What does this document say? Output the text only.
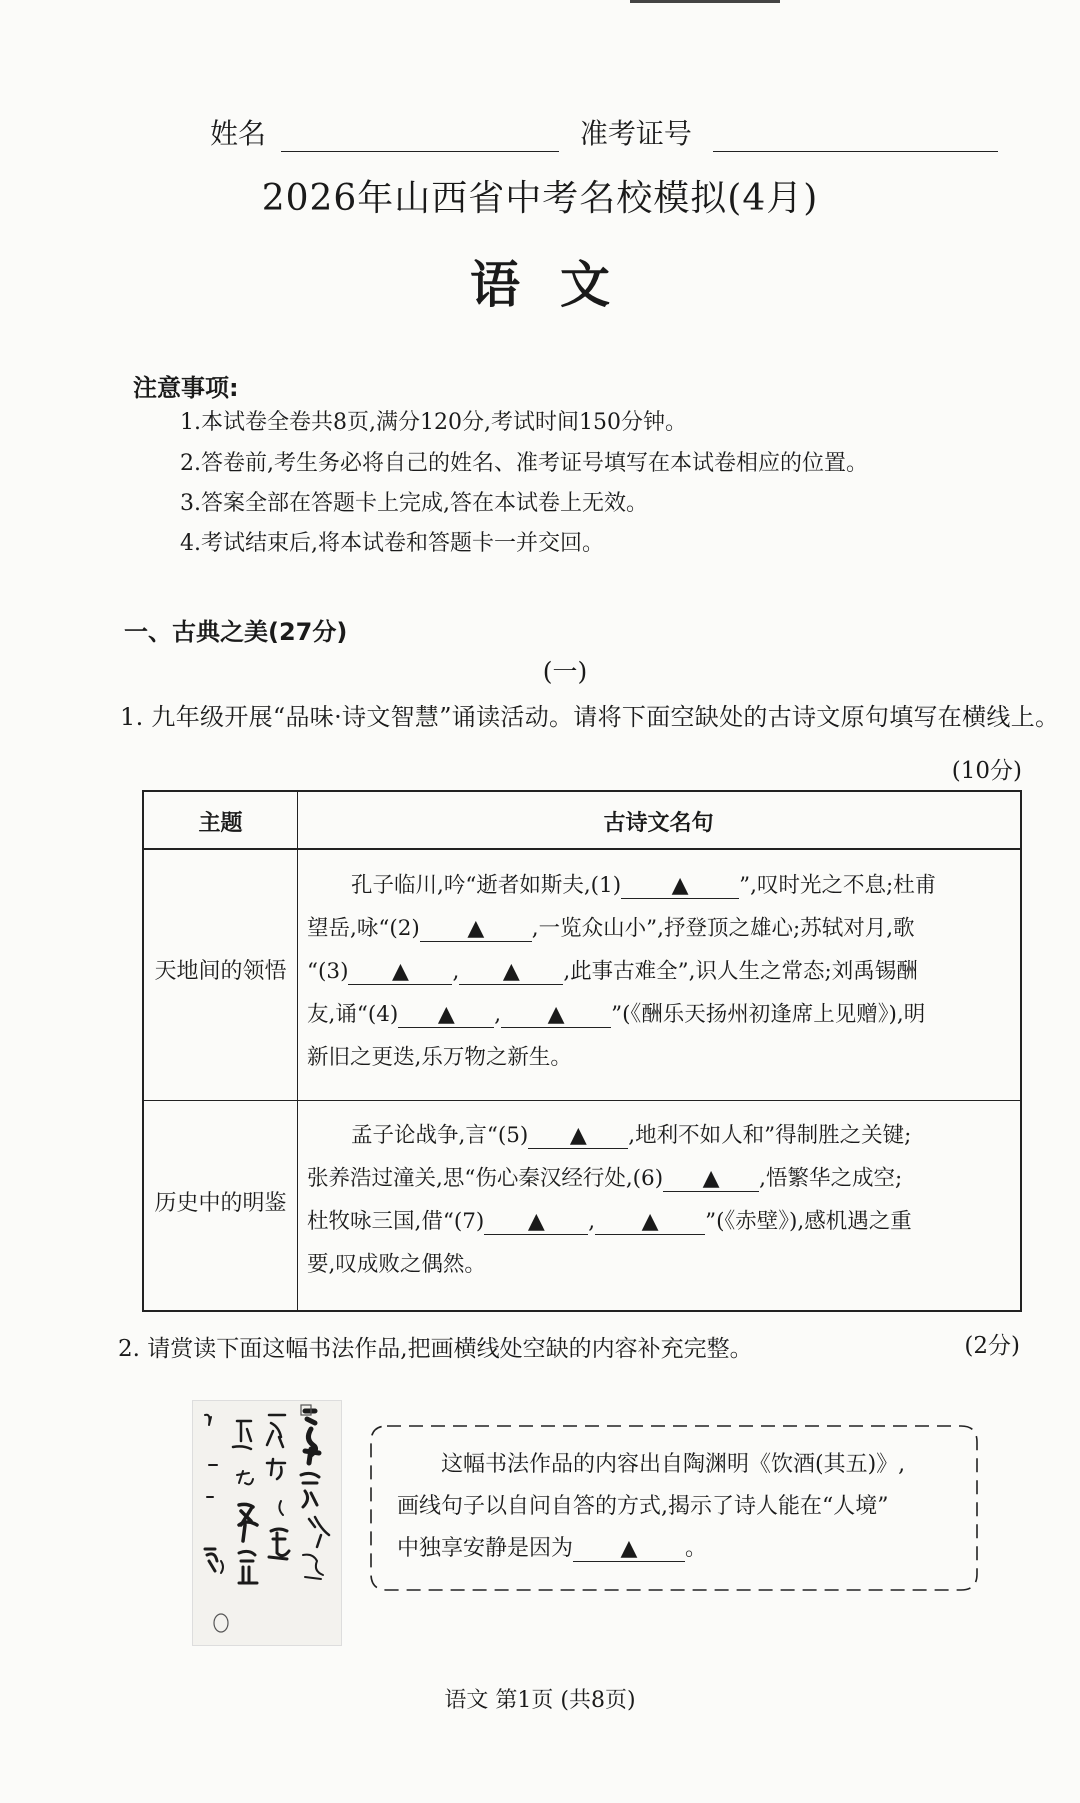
姓名	准考证号
2026年山西省中考名校模拟(4月)
语文
注意事项:
1.本试卷全卷共8页,满分120分,考试时间150分钟。
2.答卷前,考生务必将自己的姓名、准考证号填写在本试卷相应的位置。
3.答案全部在答题卡上完成,答在本试卷上无效。
4.考试结束后,将本试卷和答题卡一并交回。
一、古典之美(27分)
(一)
1. 九年级开展“品味·诗文智慧”诵读活动。请将下面空缺处的古诗文原句填写在横线上。
(10分)
主题	古诗文名句
天地间的领悟

孔子临川,吟“逝者如斯夫,(1) ▲ ”,叹时光之不息;杜甫

望岳,咏“(2) ▲ ,一览众山小”,抒登顶之雄心;苏轼对月,歌

“(3) ▲ , ▲ ,此事古难全”,识人生之常态;刘禹锡酬

友,诵“(4) ▲ , ▲ ”(《酬乐天扬州初逢席上见赠》),明

新旧之更迭,乐万物之新生。

历史中的明鉴

孟子论战争,言“(5) ▲ ,地利不如人和”得制胜之关键;

张养浩过潼关,思“伤心秦汉经行处,(6) ▲ ,悟繁华之成空;

杜牧咏三国,借“(7) ▲ , ▲ ”(《赤壁》),感机遇之重

要,叹成败之偶然。

2. 请赏读下面这幅书法作品,把画横线处空缺的内容补充完整。	(2分)
这幅书法作品的内容出自陶渊明《饮酒(其五)》,
画线句子以自问自答的方式,揭示了诗人能在“人境”
中独享安静是因为 ▲ 。
语文 第1页 (共8页)
